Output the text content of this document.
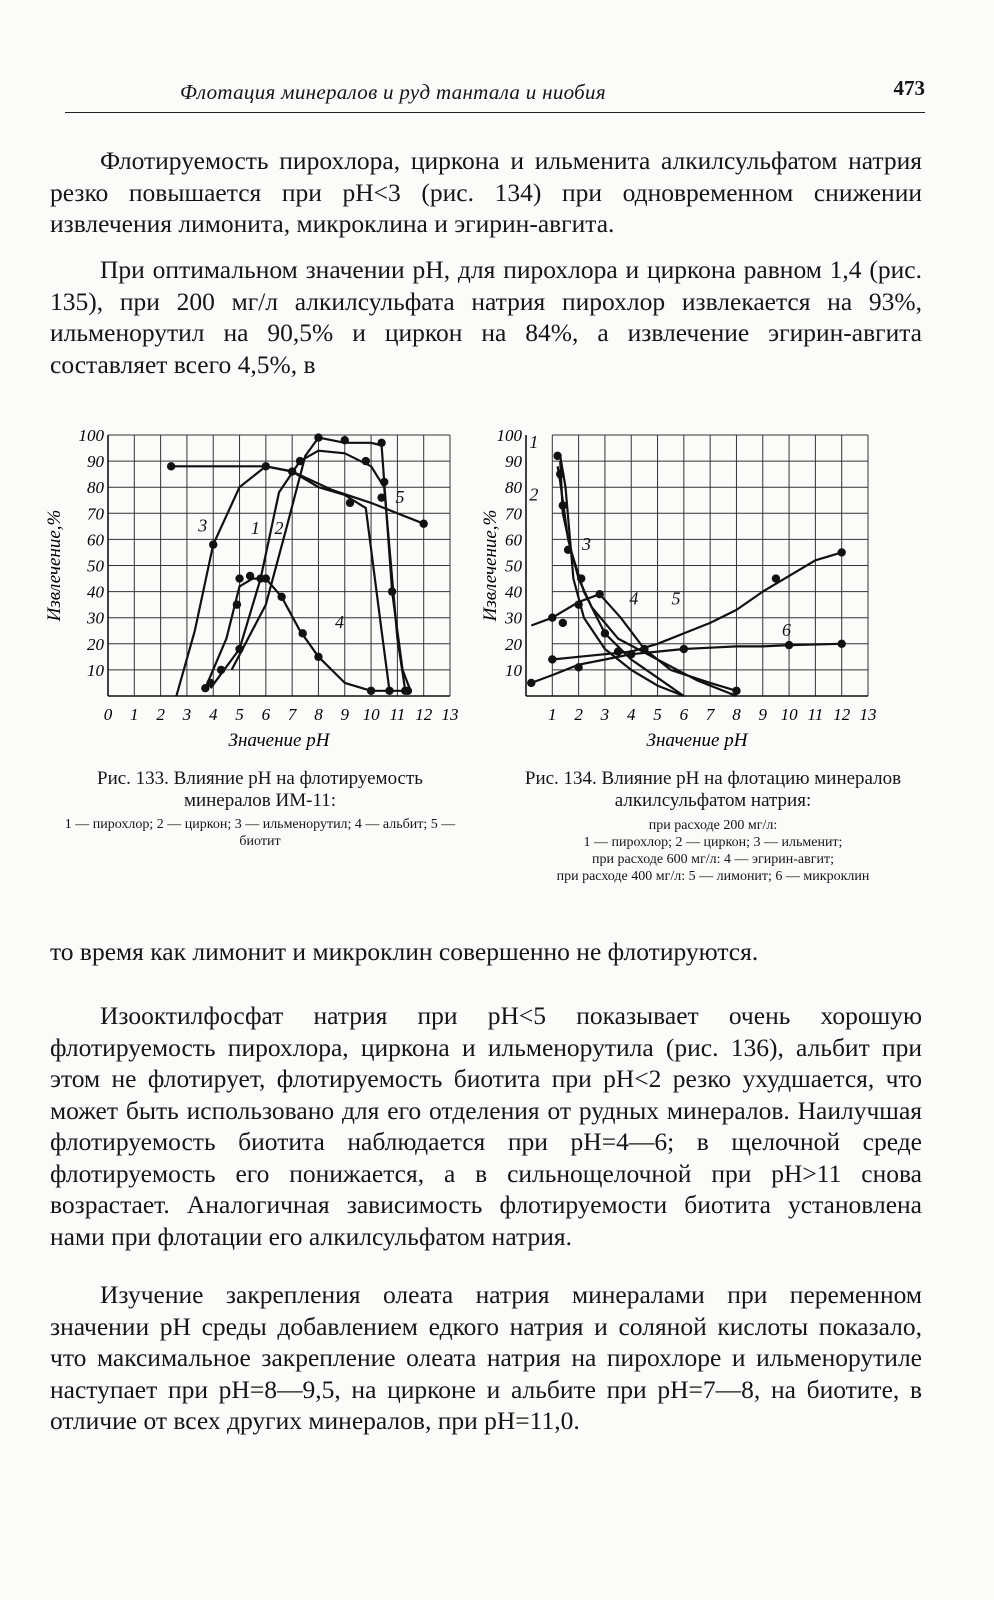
Флотация минералов и руд тантала и ниобия	473

Флотируемость пирохлора, циркона и ильменита алкилсульфатом натрия резко повышается при pH<3 (рис. 134) при одновременном снижении извлечения лимонита, микроклина и эгирин-авгита.

При оптимальном значении pH, для пирохлора и циркона равном 1,4 (рис. 135), при 200 мг/л алкилсульфата натрия пирохлор извлекается на 93%, ильменорутил на 90,5% и циркон на 84%, а извлечение эгирин-авгита составляет всего 4,5%, в

0 1 2 3 4 5 6 7 8 9 10 11 12 13
10
20
30
40
50
60
70
80
90
100
Значение pH
Извлечение,%	1 2
3
4
5
1 2 3 4 5 6 7 8 9 10 11 12 13
10
20
30
40
50
60
70
80
90
100
Значение pH
Извлечение,%
1
2
3
4 5
6

Рис. 133. Влияние pH на флотируемость минералов ИМ-11:

1 — пирохлор; 2 — циркон; 3 — ильменорутил; 4 — альбит; 5 — биотит

Рис. 134. Влияние pH на флотацию минералов алкилсульфатом натрия:

при расходе 200 мг/л:

1 — пирохлор; 2 — циркон; 3 — ильменит;

при расходе 600 мг/л: 4 — эгирин-авгит;

при расходе 400 мг/л: 5 — лимонит; 6 — микроклин

то время как лимонит и микроклин совершенно не флотируются.

Изооктилфосфат натрия при pH<5 показывает очень хорошую флотируемость пирохлора, циркона и ильменорутила (рис. 136), альбит при этом не флотирует, флотируемость биотита при pH<2 резко ухудшается, что может быть использовано для его отделения от рудных минералов. Наилучшая флотируемость биотита наблюдается при pH=4—6; в щелочной среде флотируемость его понижается, а в сильнощелочной при pH>11 снова возрастает. Аналогичная зависимость флотируемости биотита установлена нами при флотации его алкилсульфатом натрия.

Изучение закрепления олеата натрия минералами при переменном значении pH среды добавлением едкого натрия и соляной кислоты показало, что максимальное закрепление олеата натрия на пирохлоре и ильменорутиле наступает при pH=8—9,5, на цирконе и альбите при pH=7—8, на биотите, в отличие от всех других минералов, при pH=11,0.
